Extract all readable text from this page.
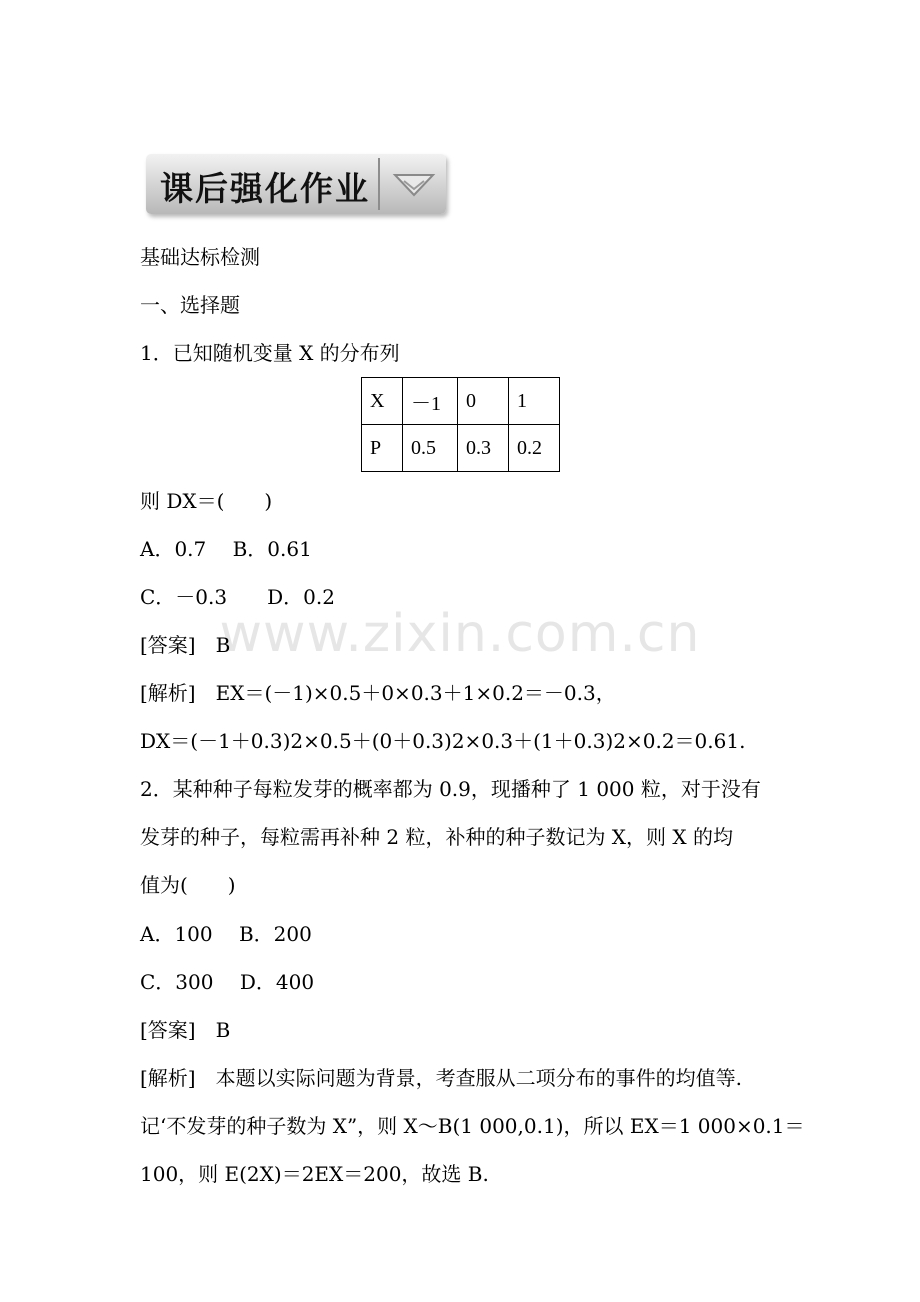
课后强化作业
www.zixin.com.cn
基础达标检测
一、选择题
1．已知随机变量 X 的分布列
X	－1	0	1
P	0.5	0.3	0.2
则 DX＝(　　)
A．0.7　 B．0.61
C．－0.3　　D．0.2
[答案]　B
[解析]　EX＝(－1)×0.5＋0×0.3＋1×0.2＝－0.3，
DX＝(－1＋0.3)2×0.5＋(0＋0.3)2×0.3＋(1＋0.3)2×0.2＝0.61.
2．某种种子每粒发芽的概率都为 0.9，现播种了 1 000 粒，对于没有
发芽的种子，每粒需再补种 2 粒，补种的种子数记为 X，则 X 的均
值为(　　)
A．100　 B．200
C．300　 D．400
[答案]　B
[解析]　本题以实际问题为背景，考查服从二项分布的事件的均值等.
记‘不发芽的种子数为 X”，则 X～B(1 000,0.1)，所以 EX＝1 000×0.1＝
100，则 E(2X)＝2EX＝200，故选 B.
